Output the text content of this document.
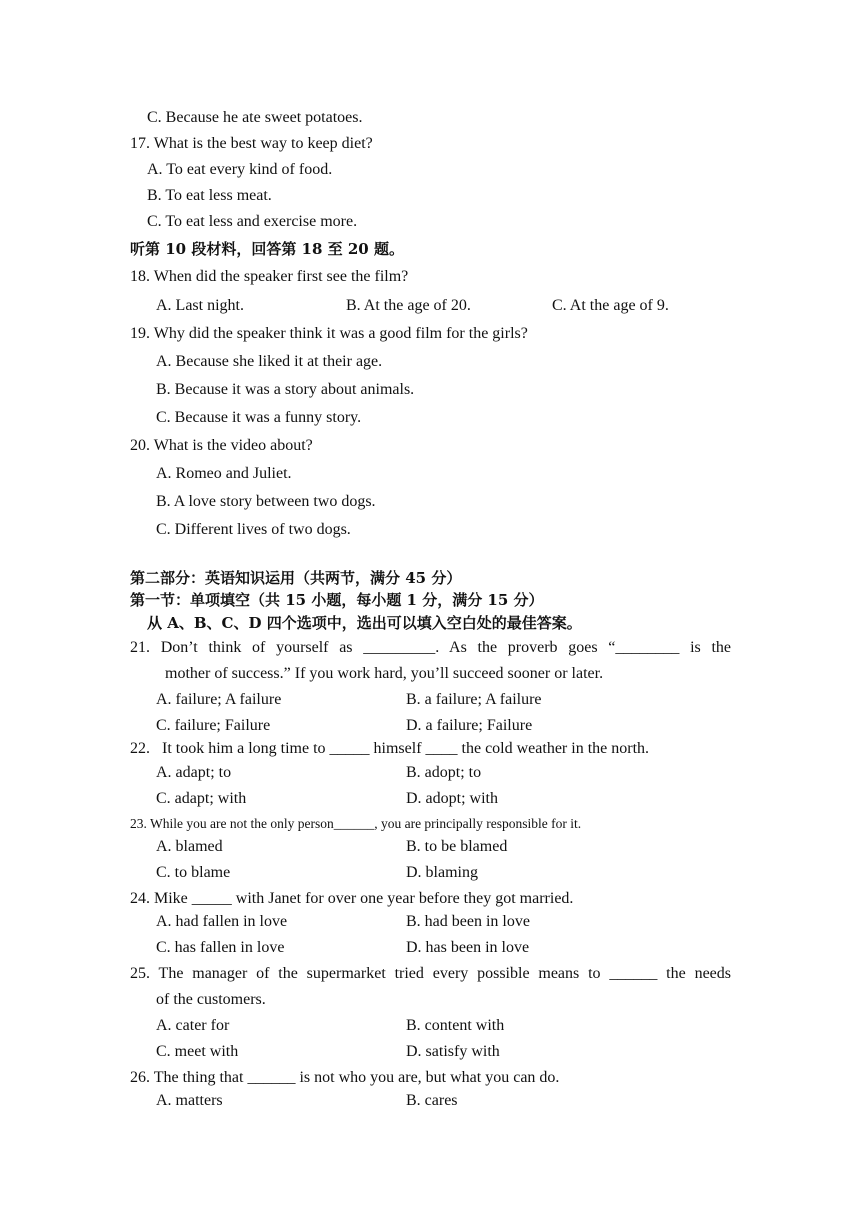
C. Because he ate sweet potatoes.
17. What is the best way to keep diet?
A. To eat every kind of food.
B. To eat less meat.
C. To eat less and exercise more.
听第 10 段材料，回答第 18 至 20 题。
18. When did the speaker first see the film?
A. Last night.	B. At the age of 20.	C. At the age of 9.
19. Why did the speaker think it was a good film for the girls?
A. Because she liked it at their age.
B. Because it was a story about animals.
C. Because it was a funny story.
20. What is the video about?
A. Romeo and Juliet.
B. A love story between two dogs.
C. Different lives of two dogs.
第二部分：英语知识运用（共两节，满分 45 分）
第一节：单项填空（共 15 小题，每小题 1 分，满分 15 分）
从 A、B、C、D 四个选项中，选出可以填入空白处的最佳答案。
21. Don’t think of yourself as _________. As the proverb goes “________ is the
mother of success.” If you work hard, you’ll succeed sooner or later.
A. failure; A failure	B. a failure; A failure
C. failure; Failure	D. a failure; Failure
22.   It took him a long time to _____ himself ____ the cold weather in the north.
A. adapt; to	B. adopt; to
C. adapt; with	D. adopt; with
23. While you are not the only person______, you are principally responsible for it.
A. blamed	B. to be blamed
C. to blame	D. blaming
24. Mike _____ with Janet for over one year before they got married.
A. had fallen in love	B. had been in love
C. has fallen in love	D. has been in love
25. The manager of the supermarket tried every possible means to ______ the needs
of the customers.
A. cater for	B. content with
C. meet with	D. satisfy with
26. The thing that ______ is not who you are, but what you can do.
A. matters	B. cares
